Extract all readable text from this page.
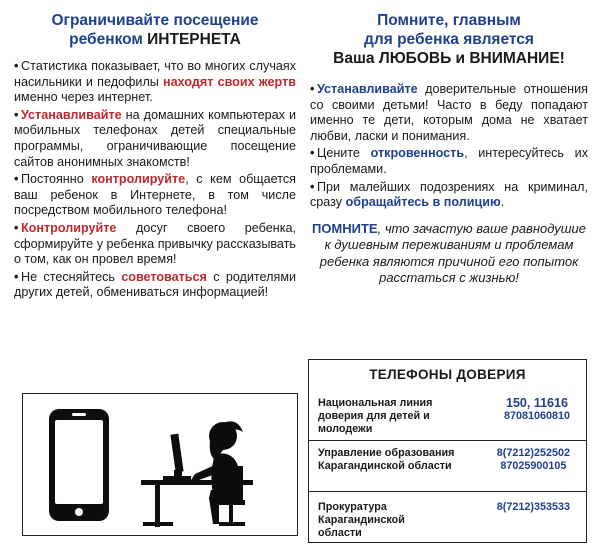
Ограничивайте посещение
ребенком ИНТЕРНЕТА

• Статистика показывает, что во многих случаях насильники и педофилы находят своих жертв именно через интернет.

• Устанавливайте на домашних компьютерах и мобильных телефонах детей специальные программы, ограничивающие посещение сайтов анонимных знакомств!

• Постоянно контролируйте, с кем общается ваш ребенок в Интернете, в том числе посредством мобильного телефона!

• Контролируйте досуг своего ребенка, сформируйте у ребенка привычку рассказывать о том, как он провел время!

• Не стесняйтесь советоваться с родителями других детей, обмениваться информацией!

Помните, главным
для ребенка является
Ваша ЛЮБОВЬ и ВНИМАНИЕ!

• Устанавливайте доверительные отношения со своими детьми! Часто в беду попадают именно те дети, которым дома не хватает любви, ласки и понимания.

• Цените откровенность, интересуйтесь их проблемами.

• При малейших подозрениях на криминал, сразу обращайтесь в полицию.

ПОМНИТЕ, что зачастую ваше равнодушие к душевным переживаниям и проблемам ребенка являются причиной его попыток расстаться с жизнью!
ТЕЛЕФОНЫ ДОВЕРИЯ
Национальная линия доверия для детей и молодежи
150, 11616
87081060810
Управление образования Карагандинской области
8(7212)252502
87025900105
Прокуратура Карагандинской области
8(7212)353533
